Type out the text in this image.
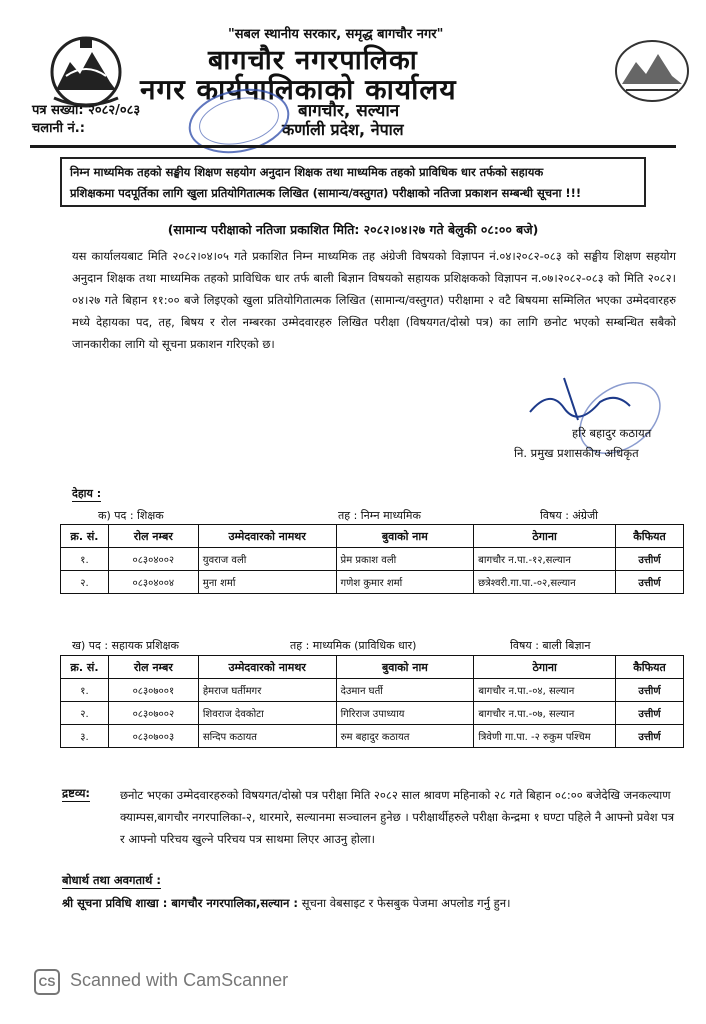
"सबल स्थानीय सरकार, समृद्ध बागचौर नगर"
बागचौर नगरपालिका
नगर कार्यपालिकाको कार्यालय
पत्र सख्या: २०८२/०८३
चलानी नं.:
बागचौर, सल्यान
कर्णाली प्रदेश, नेपाल
निम्न माध्यमिक तहको सङ्घीय शिक्षण सहयोग अनुदान शिक्षक तथा माध्यमिक तहको प्राविधिक धार तर्फको सहायक
प्रशिक्षकमा पदपूर्तिका लागि खुला प्रतियोगितात्मक लिखित (सामान्य/वस्तुगत) परीक्षाको नतिजा प्रकाशन सम्बन्धी सूचना !!!
(सामान्य परीक्षाको नतिजा प्रकाशित मिति: २०८२।०४।२७ गते बेलुकी ०८:०० बजे)
यस कार्यालयबाट मिति २०८२।०४।०५ गते प्रकाशित निम्न माध्यमिक तह अंग्रेजी विषयको विज्ञापन नं.०४।२०८२-०८३ को सङ्घीय शिक्षण सहयोग अनुदान शिक्षक तथा माध्यमिक तहको प्राविधिक धार तर्फ बाली बिज्ञान विषयको सहायक प्रशिक्षकको विज्ञापन न.०७।२०८२-०८३ को मिति २०८२।०४।२७ गते बिहान ११:०० बजे लिइएको खुला प्रतियोगितात्मक लिखित (सामान्य/वस्तुगत) परीक्षामा २ वटै बिषयमा सम्मिलित भएका उम्मेदवारहरु मध्ये देहायका पद, तह, बिषय र रोल नम्बरका उम्मेदवारहरु लिखित परीक्षा (विषयगत/दोस्रो पत्र) का लागि छनोट भएको सम्बन्धित सबैको जानकारीका लागि यो सूचना प्रकाशन गरिएको छ।
हरि बहादुर कठायत
नि. प्रमुख प्रशासकीय अधिकृत
देहाय :
क) पद : शिक्षक	तह : निम्न माध्यमिक	विषय : अंग्रेजी
क्र. सं.	रोल नम्बर	उम्मेदवारको नामथर	बुवाको नाम	ठेगाना	कैफियत
१.	०८३०४००२	युवराज वली	प्रेम प्रकाश वली	बागचौर न.पा.-१२,सल्यान	उत्तीर्ण
२.	०८३०४००४	मुना शर्मा	गणेश कुमार शर्मा	छत्रेश्वरी.गा.पा.-०२,सल्यान	उत्तीर्ण
ख) पद : सहायक प्रशिक्षक	तह : माध्यमिक (प्राविधिक धार)	विषय : बाली बिज्ञान
क्र. सं.	रोल नम्बर	उम्मेदवारको नामथर	बुवाको नाम	ठेगाना	कैफियत
१.	०८३०७००१	हेमराज घर्तीमगर	देउमान घर्ती	बागचौर न.पा.-०४, सल्यान	उत्तीर्ण
२.	०८३०७००२	शिवराज देवकोटा	गिरिराज उपाध्याय	बागचौर न.पा.-०७, सल्यान	उत्तीर्ण
३.	०८३०७००३	सन्दिप कठायत	रुम बहादुर कठायत	त्रिवेणी गा.पा. -२ रुकुम पश्चिम	उत्तीर्ण
द्रष्टव्य:	छनोट भएका उम्मेदवारहरुको विषयगत/दोस्रो पत्र परीक्षा मिति २०८२ साल श्रावण महिनाको २८ गते बिहान ०८:०० बजेदेखि जनकल्याण क्याम्पस,बागचौर नगरपालिका-२, थारमारे, सल्यानमा सञ्चालन हुनेछ । परीक्षार्थीहरुले परीक्षा केन्द्रमा १ घण्टा पहिले नै आफ्नो प्रवेश पत्र र आफ्नो परिचय खुल्ने परिचय पत्र साथमा लिएर आउनु होला।
बोधार्थ तथा अवगतार्थ :
श्री सूचना प्रविधि शाखा : बागचौर नगरपालिका,सल्यान : सूचना वेबसाइट र फेसबुक पेजमा अपलोड गर्नु हुन।
CS Scanned with CamScanner
